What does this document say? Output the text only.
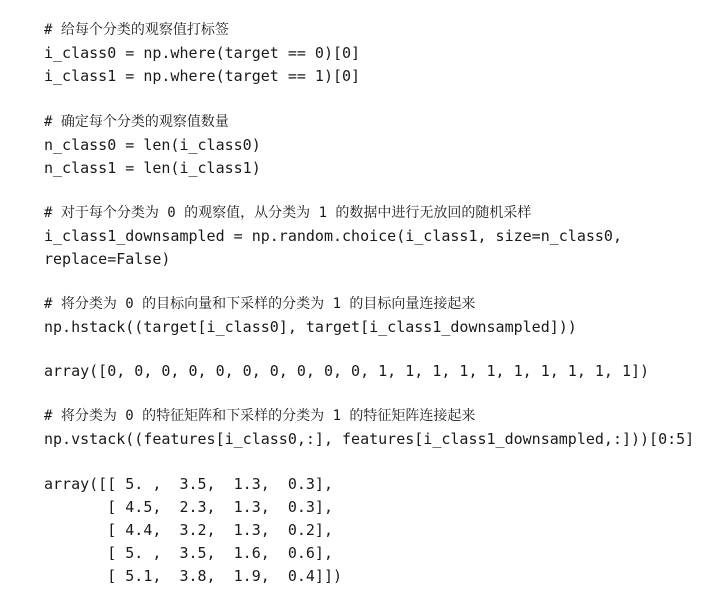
# 给每个分类的观察值打标签
i_class0 = np.where(target == 0)[0]
i_class1 = np.where(target == 1)[0]
# 确定每个分类的观察值数量
n_class0 = len(i_class0)
n_class1 = len(i_class1)
# 对于每个分类为 0 的观察值，从分类为 1 的数据中进行无放回的随机采样
i_class1_downsampled = np.random.choice(i_class1, size=n_class0,
replace=False)
# 将分类为 0 的目标向量和下采样的分类为 1 的目标向量连接起来
np.hstack((target[i_class0], target[i_class1_downsampled]))
array([0, 0, 0, 0, 0, 0, 0, 0, 0, 0, 1, 1, 1, 1, 1, 1, 1, 1, 1, 1])
# 将分类为 0 的特征矩阵和下采样的分类为 1 的特征矩阵连接起来
np.vstack((features[i_class0,:], features[i_class1_downsampled,:]))[0:5]
array([[ 5. ,  3.5,  1.3,  0.3],
[ 4.5,  2.3,  1.3,  0.3],
[ 4.4,  3.2,  1.3,  0.2],
[ 5. ,  3.5,  1.6,  0.6],
[ 5.1,  3.8,  1.9,  0.4]])
